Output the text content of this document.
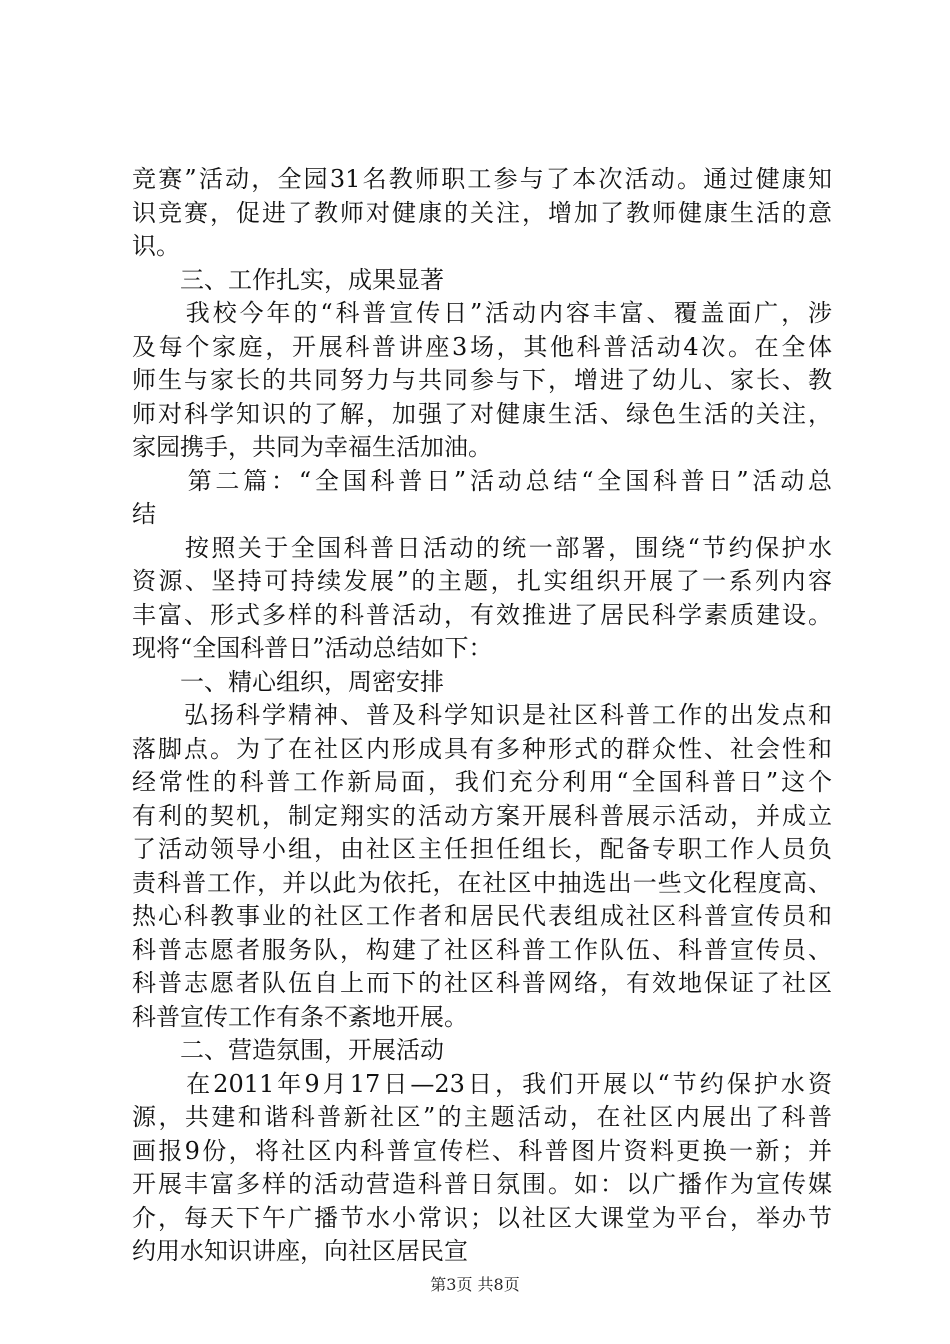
竞赛”活动，全园31名教师职工参与了本次活动。通过健康知
识竞赛，促进了教师对健康的关注，增加了教师健康生活的意
识。
　　三、工作扎实，成果显著
　　我校今年的“科普宣传日”活动内容丰富、覆盖面广，涉
及每个家庭，开展科普讲座3场，其他科普活动4次。在全体
师生与家长的共同努力与共同参与下，增进了幼儿、家长、教
师对科学知识的了解，加强了对健康生活、绿色生活的关注，
家园携手，共同为幸福生活加油。
　　第二篇：“全国科普日”活动总结“全国科普日”活动总
结
　　按照关于全国科普日活动的统一部署，围绕“节约保护水
资源、坚持可持续发展”的主题，扎实组织开展了一系列内容
丰富、形式多样的科普活动，有效推进了居民科学素质建设。
现将“全国科普日”活动总结如下：
　　一、精心组织，周密安排
　　弘扬科学精神、普及科学知识是社区科普工作的出发点和
落脚点。为了在社区内形成具有多种形式的群众性、社会性和
经常性的科普工作新局面，我们充分利用“全国科普日”这个
有利的契机，制定翔实的活动方案开展科普展示活动，并成立
了活动领导小组，由社区主任担任组长，配备专职工作人员负
责科普工作，并以此为依托，在社区中抽选出一些文化程度高、
热心科教事业的社区工作者和居民代表组成社区科普宣传员和
科普志愿者服务队，构建了社区科普工作队伍、科普宣传员、
科普志愿者队伍自上而下的社区科普网络，有效地保证了社区
科普宣传工作有条不紊地开展。
　　二、营造氛围，开展活动
　　在2011年9月17日—23日，我们开展以“节约保护水资
源，共建和谐科普新社区”的主题活动，在社区内展出了科普
画报9份，将社区内科普宣传栏、科普图片资料更换一新；并
开展丰富多样的活动营造科普日氛围。如：以广播作为宣传媒
介，每天下午广播节水小常识；以社区大课堂为平台，举办节
约用水知识讲座，向社区居民宣
第3页 共8页
